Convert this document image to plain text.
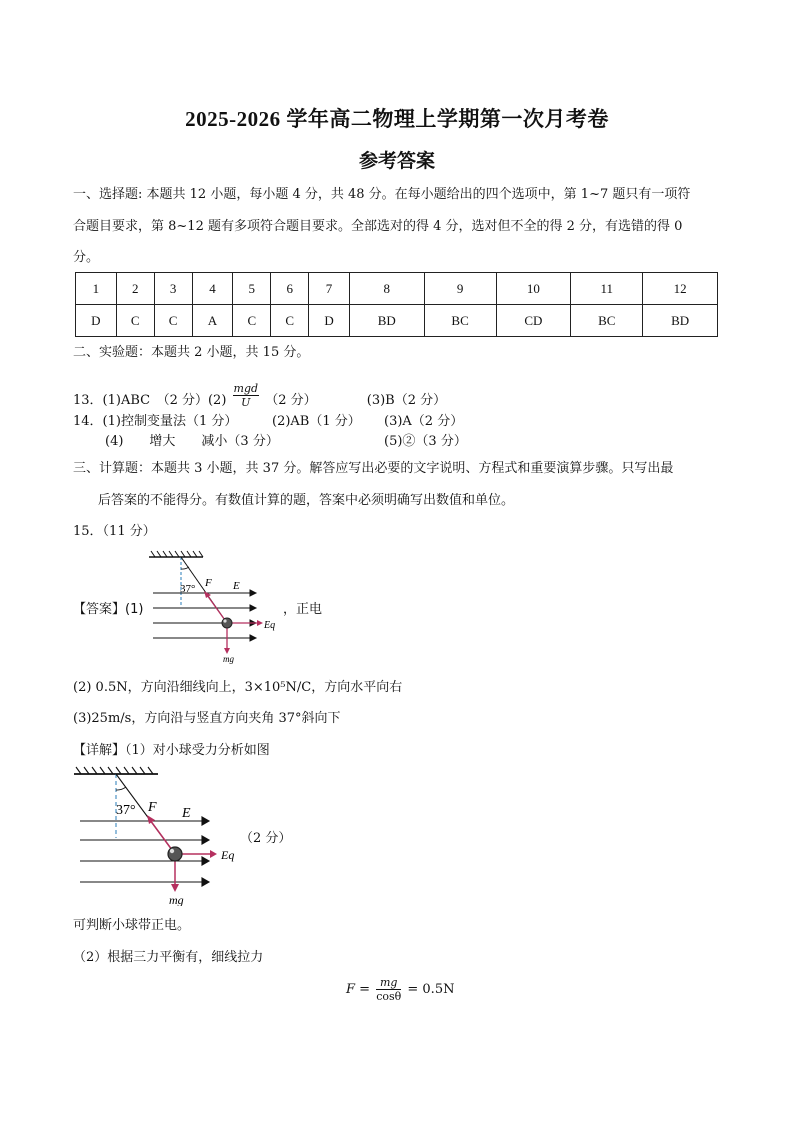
2025-2026 学年高二物理上学期第一次月考卷
参考答案
一、选择题: 本题共 12 小题，每小题 4 分，共 48 分。在每小题给出的四个选项中，第 1~7 题只有一项符
合题目要求，第 8~12 题有多项符合题目要求。全部选对的得 4 分，选对但不全的得 2 分，有选错的得 0
分。
1	2	3	4	5	6	7	8	9	10	11	12
D	C	C	A	C	C	D	BD	BC	CD	BC	BD
二、实验题：本题共 2 小题，共 15 分。
13．(1)ABC　（2 分）$(2) \frac{\text{mgd}}{U} (2$ 分）	(3)B（2 分）
14．(1)控制变量法（1 分）	(2)AB（1 分） (3)A（2 分）
(4)　　增大　　减小（3 分）	(5)②（3 分）
三、计算题：本题共 3 小题，共 37 分。解答应写出必要的文字说明、方程式和重要演算步骤。只写出最
后答案的不能得分。有数值计算的题，答案中必须明确写出数值和单位。
15．（11 分）
37°	E
F
Eq
mg
【答案】(1)	，正电
(2) 0.5N，方向沿细线向上，3×10⁵N/C，方向水平向右
(3)25m/s，方向沿与竖直方向夹角 37°斜向下
【详解】（1）对小球受力分析如图
37°	E
F
Eq
mg
（2 分）
可判断小球带正电。
（2）根据三力平衡有，细线拉力
$F = \frac{mg}{\cos\theta} = 0.5N$
